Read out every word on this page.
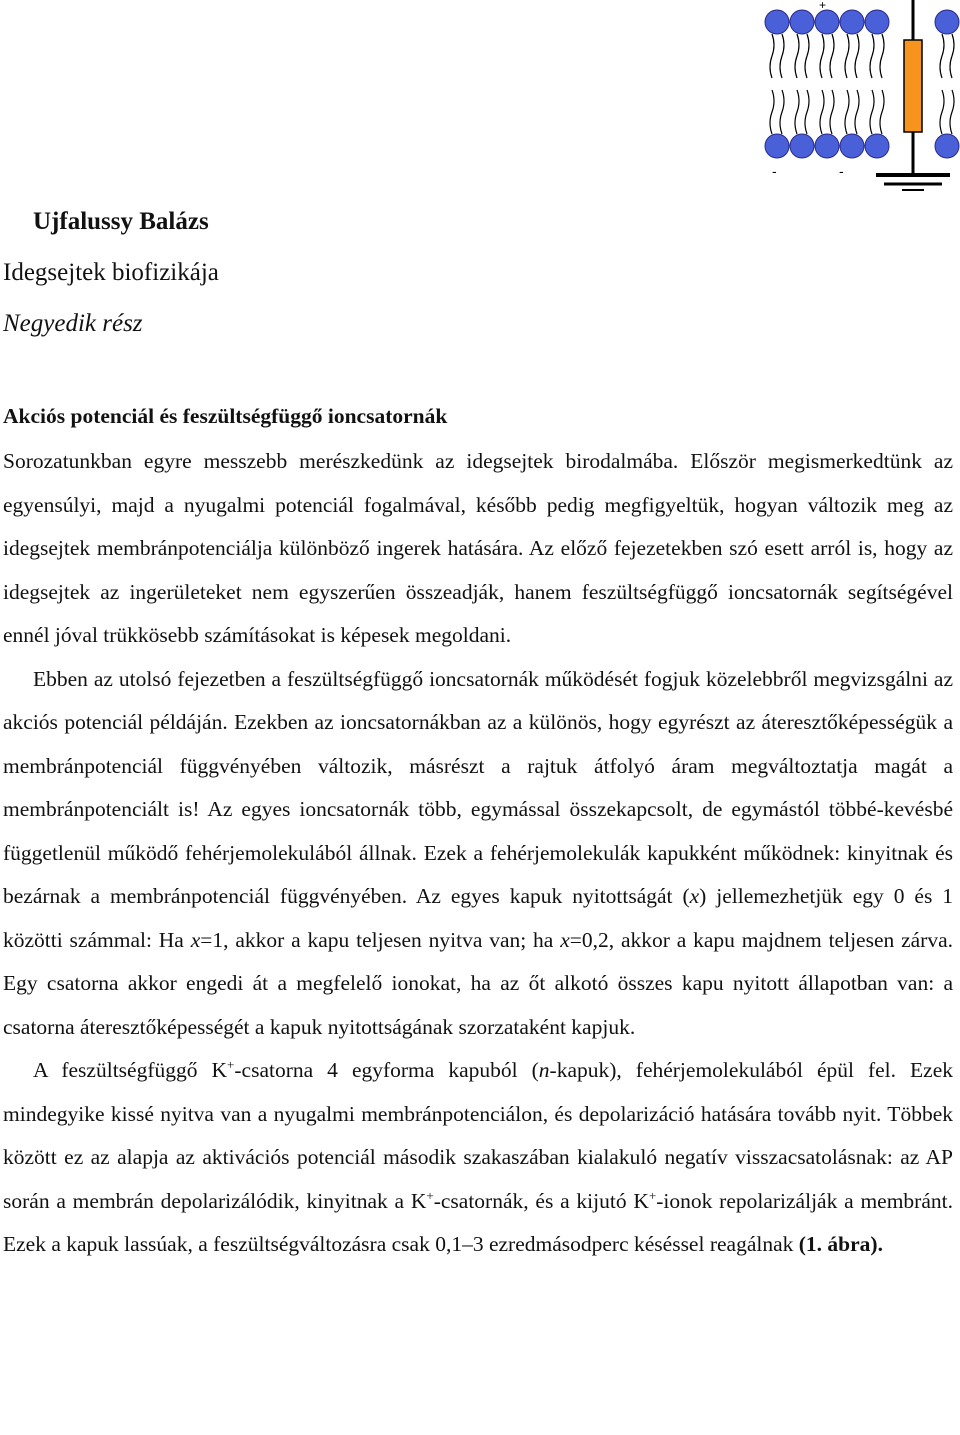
+
-	-
Ujfalussy Balázs
Idegsejtek biofizikája
Negyedik rész
Akciós potenciál és feszültségfüggő ioncsatornák

Sorozatunkban egyre messzebb merészkedünk az idegsejtek birodalmába. Először megismerkedtünk az egyensúlyi, majd a nyugalmi potenciál fogalmával, később pedig megfigyeltük, hogyan változik meg az idegsejtek membránpotenciálja különböző ingerek hatására. Az előző fejezetekben szó esett arról is, hogy az idegsejtek az ingerületeket nem egyszerűen összeadják, hanem feszültségfüggő ioncsatornák segítségével ennél jóval trükkösebb számításokat is képesek megoldani.

Ebben az utolsó fejezetben a feszültségfüggő ioncsatornák működését fogjuk közelebbről megvizsgálni az akciós potenciál példáján. Ezekben az ioncsatornákban az a különös, hogy egyrészt az áteresztőképességük a membránpotenciál függvényében változik, másrészt a rajtuk átfolyó áram megváltoztatja magát a membránpotenciált is! Az egyes ioncsatornák több, egymással összekapcsolt, de egymástól többé-kevésbé függetlenül működő fehérjemolekulából állnak. Ezek a fehérjemolekulák kapukként működnek: kinyitnak és bezárnak a membránpotenciál függvényében. Az egyes kapuk nyitottságát (x) jellemezhetjük egy 0 és 1 közötti számmal: Ha x=1, akkor a kapu teljesen nyitva van; ha x=0,2, akkor a kapu majdnem teljesen zárva. Egy csatorna akkor engedi át a megfelelő ionokat, ha az őt alkotó összes kapu nyitott állapotban van: a csatorna áteresztőképességét a kapuk nyitottságának szorzataként kapjuk.

A feszültségfüggő K+-csatorna 4 egyforma kapuból (n-kapuk), fehérjemolekulából épül fel. Ezek mindegyike kissé nyitva van a nyugalmi membránpotenciálon, és depolarizáció hatására tovább nyit. Többek között ez az alapja az aktivációs potenciál második szakaszában kialakuló negatív visszacsatolásnak: az AP során a membrán depolarizálódik, kinyitnak a K+-csatornák, és a kijutó K+-ionok repolarizálják a membránt. Ezek a kapuk lassúak, a feszültségváltozásra csak 0,1–3 ezredmásodperc késéssel reagálnak (1. ábra).
